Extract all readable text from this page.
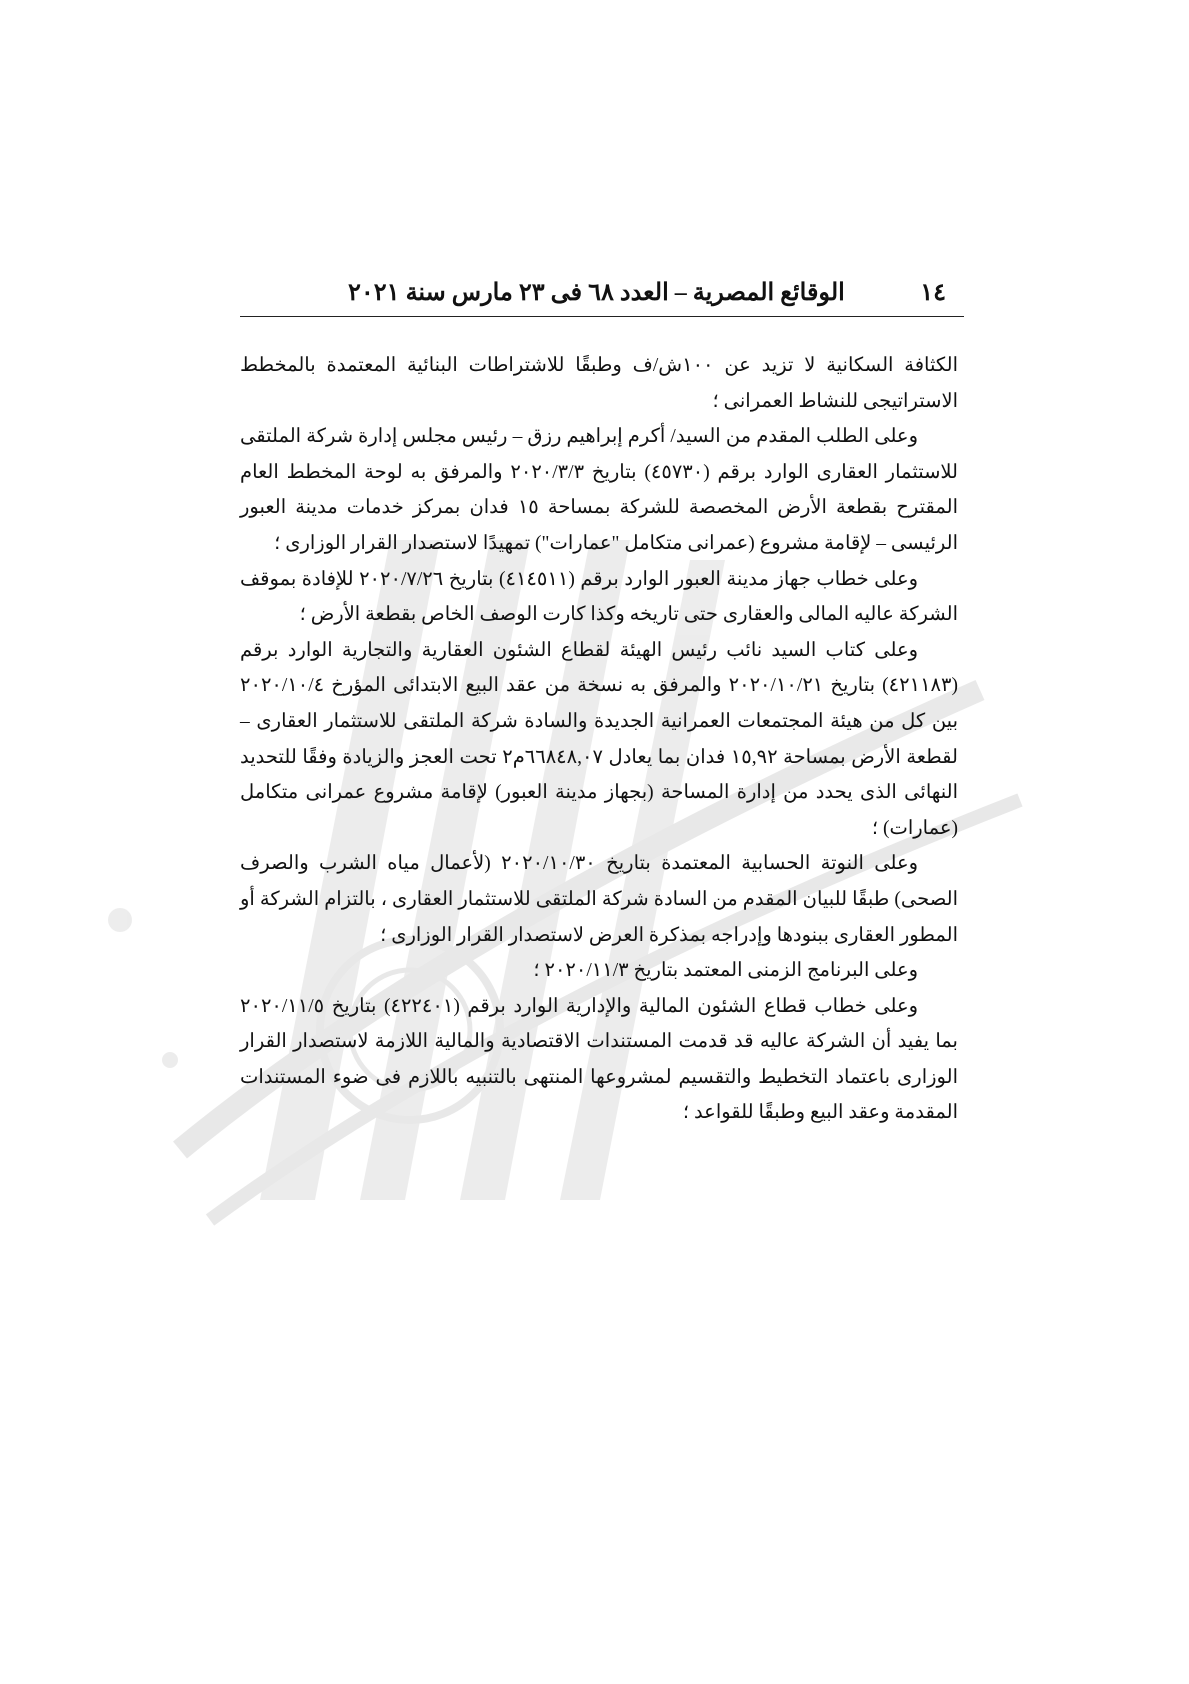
١٤
الوقائع المصرية – العدد ٦٨ فى ٢٣ مارس سنة ٢٠٢١

الكثافة السكانية لا تزيد عن ١٠٠ش/ف وطبقًا للاشتراطات البنائية المعتمدة بالمخطط الاستراتيجى للنشاط العمرانى ؛

وعلى الطلب المقدم من السيد/ أكرم إبراهيم رزق – رئيس مجلس إدارة شركة الملتقى للاستثمار العقارى الوارد برقم (٤٥٧٣٠) بتاريخ ٢٠٢٠/٣/٣ والمرفق به لوحة المخطط العام المقترح بقطعة الأرض المخصصة للشركة بمساحة ١٥ فدان بمركز خدمات مدينة العبور الرئيسى – لإقامة مشروع (عمرانى متكامل "عمارات") تمهيدًا لاستصدار القرار الوزارى ؛

وعلى خطاب جهاز مدينة العبور الوارد برقم (٤١٤٥١١) بتاريخ ٢٠٢٠/٧/٢٦ للإفادة بموقف الشركة عاليه المالى والعقارى حتى تاريخه وكذا كارت الوصف الخاص بقطعة الأرض ؛

وعلى كتاب السيد نائب رئيس الهيئة لقطاع الشئون العقارية والتجارية الوارد برقم (٤٢١١٨٣) بتاريخ ٢٠٢٠/١٠/٢١ والمرفق به نسخة من عقد البيع الابتدائى المؤرخ ٢٠٢٠/١٠/٤ بين كل من هيئة المجتمعات العمرانية الجديدة والسادة شركة الملتقى للاستثمار العقارى – لقطعة الأرض بمساحة ١٥,٩٢ فدان بما يعادل ٦٦٨٤٨,٠٧م٢ تحت العجز والزيادة وفقًا للتحديد النهائى الذى يحدد من إدارة المساحة (بجهاز مدينة العبور) لإقامة مشروع عمرانى متكامل (عمارات) ؛

وعلى النوتة الحسابية المعتمدة بتاريخ ٢٠٢٠/١٠/٣٠ (لأعمال مياه الشرب والصرف الصحى) طبقًا للبيان المقدم من السادة شركة الملتقى للاستثمار العقارى ، بالتزام الشركة أو المطور العقارى ببنودها وإدراجه بمذكرة العرض لاستصدار القرار الوزارى ؛

وعلى البرنامج الزمنى المعتمد بتاريخ ٢٠٢٠/١١/٣ ؛

وعلى خطاب قطاع الشئون المالية والإدارية الوارد برقم (٤٢٢٤٠١) بتاريخ ٢٠٢٠/١١/٥ بما يفيد أن الشركة عاليه قد قدمت المستندات الاقتصادية والمالية اللازمة لاستصدار القرار الوزارى باعتماد التخطيط والتقسيم لمشروعها المنتهى بالتنبيه باللازم فى ضوء المستندات المقدمة وعقد البيع وطبقًا للقواعد ؛
